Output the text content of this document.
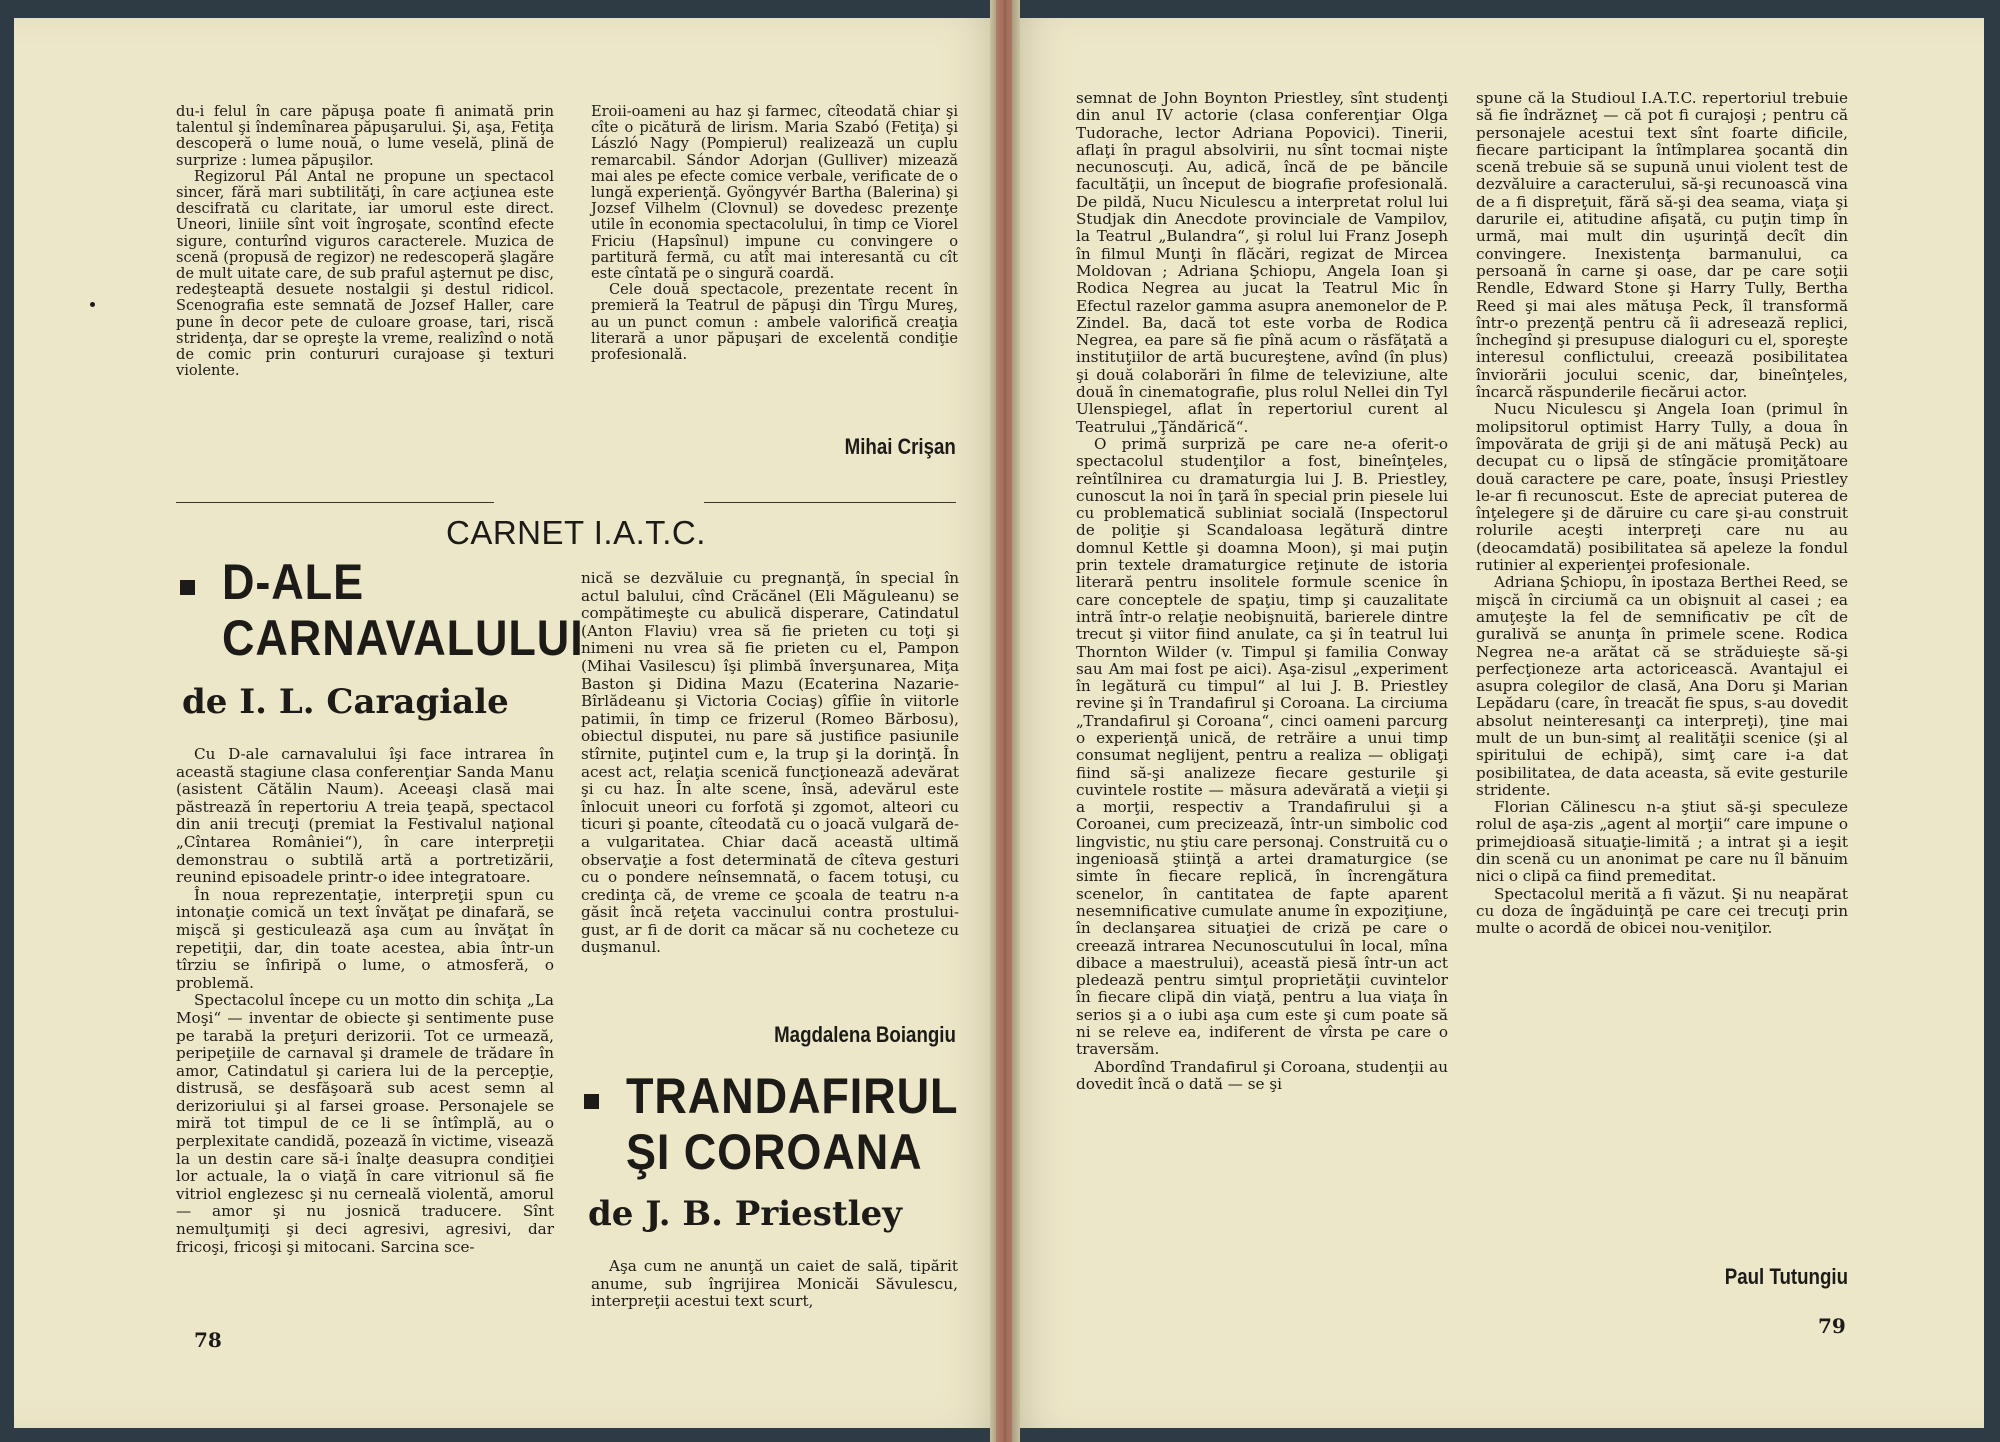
du-i felul în care păpuşa poate fi animată prin talentul şi îndemînarea păpuşarului. Şi, aşa, Fetiţa descoperă o lume nouă, o lume veselă, plină de surprize : lumea păpuşilor.

Regizorul Pál Antal ne propune un spectacol sincer, fără mari subtilităţi, în care acţiunea este descifrată cu claritate, iar umorul este direct. Uneori, liniile sînt voit îngroşate, scontînd efecte sigure, conturînd viguros caracterele. Muzica de scenă (propusă de regizor) ne redescoperă şlagăre de mult uitate care, de sub praful aşternut pe disc, redeşteaptă desuete nostalgii şi destul ridicol. Scenografia este semnată de Jozsef Haller, care pune în decor pete de culoare groase, tari, riscă stridenţa, dar se opreşte la vreme, realizînd o notă de comic prin contururi curajoase şi texturi violente.

Eroii-oameni au haz şi farmec, cîteodată chiar şi cîte o picătură de lirism. Maria Szabó (Fetiţa) şi László Nagy (Pompierul) realizează un cuplu remarcabil. Sándor Adorjan (Gulliver) mizează mai ales pe efecte comice verbale, verificate de o lungă experienţă. Gyöngyvér Bartha (Balerina) şi Jozsef Vilhelm (Clovnul) se dovedesc prezenţe utile în economia spectacolului, în timp ce Viorel Friciu (Hapsînul) impune cu convingere o partitură fermă, cu atît mai interesantă cu cît este cîntată pe o singură coardă.

Cele două spectacole, prezentate recent în premieră la Teatrul de păpuşi din Tîrgu Mureş, au un punct comun : ambele valorifică creaţia literară a unor păpuşari de excelentă condiţie profesională.

Mihai Crişan
CARNET I.A.T.C.
D-ALE
CARNAVALULUI
de I. L. Caragiale

Cu D-ale carnavalului îşi face intrarea în această stagiune clasa conferenţiar Sanda Manu (asistent Cătălin Naum). Aceeaşi clasă mai păstrează în repertoriu A treia ţeapă, spectacol din anii trecuţi (premiat la Festivalul naţional „Cîntarea României“), în care interpreţii demonstrau o subtilă artă a portretizării, reunind episoadele printr-o idee integratoare.

În noua reprezentaţie, interpreţii spun cu intonaţie comică un text învăţat pe dinafară, se mişcă şi gesticulează aşa cum au învăţat în repetiţii, dar, din toate acestea, abia într-un tîrziu se înfiripă o lume, o atmosferă, o problemă.

Spectacolul începe cu un motto din schiţa „La Moşi“ — inventar de obiecte şi sentimente puse pe tarabă la preţuri derizorii. Tot ce urmează, peripeţiile de carnaval şi dramele de trădare în amor, Catindatul şi cariera lui de la percepţie, distrusă, se desfăşoară sub acest semn al derizoriului şi al farsei groase. Personajele se miră tot timpul de ce li se întîmplă, au o perplexitate candidă, pozează în victime, visează la un destin care să-i înalţe deasupra condiţiei lor actuale, la o viaţă în care vitrionul să fie vitriol englezesc şi nu cerneală violentă, amorul — amor şi nu josnică traducere. Sînt nemulţumiţi şi deci agresivi, agresivi, dar fricoşi, fricoşi şi mitocani. Sarcina sce-

nică se dezvăluie cu pregnanţă, în special în actul balului, cînd Crăcănel (Eli Măguleanu) se compătimeşte cu abulică disperare, Catindatul (Anton Flaviu) vrea să fie prieten cu toţi şi nimeni nu vrea să fie prieten cu el, Pampon (Mihai Vasilescu) îşi plimbă înverşunarea, Miţa Baston şi Didina Mazu (Ecaterina Nazarie-Bîrlădeanu şi Victoria Cociaş) gîfîie în viitorle patimii, în timp ce frizerul (Romeo Bărbosu), obiectul disputei, nu pare să justifice pasiunile stîrnite, puţintel cum e, la trup şi la dorinţă. În acest act, relaţia scenică funcţionează adevărat şi cu haz. În alte scene, însă, adevărul este înlocuit uneori cu forfotă şi zgomot, alteori cu ticuri şi poante, cîteodată cu o joacă vulgară de-a vulgaritatea. Chiar dacă această ultimă observaţie a fost determinată de cîteva gesturi cu o pondere neînsemnată, o facem totuşi, cu credinţa că, de vreme ce şcoala de teatru n-a găsit încă reţeta vaccinului contra prostului-gust, ar fi de dorit ca măcar să nu cocheteze cu duşmanul.

Magdalena Boiangiu
TRANDAFIRUL
ŞI COROANA
de J. B. Priestley

Aşa cum ne anunţă un caiet de sală, tipărit anume, sub îngrijirea Monicăi Săvulescu, interpreţii acestui text scurt,

78

semnat de John Boynton Priestley, sînt studenţi din anul IV actorie (clasa conferenţiar Olga Tudorache, lector Adriana Popovici). Tinerii, aflaţi în pragul absolvirii, nu sînt tocmai nişte necunoscuţi. Au, adică, încă de pe băncile facultăţii, un început de biografie profesională. De pildă, Nucu Niculescu a interpretat rolul lui Studjak din Anecdote provinciale de Vampilov, la Teatrul „Bulandra“, şi rolul lui Franz Joseph în filmul Munţi în flăcări, regizat de Mircea Moldovan ; Adriana Şchiopu, Angela Ioan şi Rodica Negrea au jucat la Teatrul Mic în Efectul razelor gamma asupra anemonelor de P. Zindel. Ba, dacă tot este vorba de Rodica Negrea, ea pare să fie pînă acum o răsfăţată a instituţiilor de artă bucureştene, avînd (în plus) şi două colaborări în filme de televiziune, alte două în cinematografie, plus rolul Nellei din Tyl Ulenspiegel, aflat în repertoriul curent al Teatrului „Ţăndărică“.

O primă surpriză pe care ne-a oferit-o spectacolul studenţilor a fost, bineînţeles, reîntîlnirea cu dramaturgia lui J. B. Priestley, cunoscut la noi în ţară în special prin piesele lui cu problematică subliniat socială (Inspectorul de poliţie şi Scandaloasa legătură dintre domnul Kettle şi doamna Moon), şi mai puţin prin textele dramaturgice reţinute de istoria literară pentru insolitele formule scenice în care conceptele de spaţiu, timp şi cauzalitate intră într-o relaţie neobişnuită, barierele dintre trecut şi viitor fiind anulate, ca şi în teatrul lui Thornton Wilder (v. Timpul şi familia Conway sau Am mai fost pe aici). Aşa-zisul „experiment în legătură cu timpul“ al lui J. B. Priestley revine şi în Trandafirul şi Coroana. La circiuma „Trandafirul şi Coroana“, cinci oameni parcurg o experienţă unică, de retrăire a unui timp consumat neglijent, pentru a realiza — obligaţi fiind să-şi analizeze fiecare gesturile şi cuvintele rostite — măsura adevărată a vieţii şi a morţii, respectiv a Trandafirului şi a Coroanei, cum precizează, într-un simbolic cod lingvistic, nu ştiu care personaj. Construită cu o ingenioasă ştiinţă a artei dramaturgice (se simte în fiecare replică, în încrengătura scenelor, în cantitatea de fapte aparent nesemnificative cumulate anume în expoziţiune, în declanşarea situaţiei de criză pe care o creează intrarea Necunoscutului în local, mîna dibace a maestrului), această piesă într-un act pledează pentru simţul proprietăţii cuvintelor în fiecare clipă din viaţă, pentru a lua viaţa în serios şi a o iubi aşa cum este şi cum poate să ni se releve ea, indiferent de vîrsta pe care o traversăm.

Abordînd Trandafirul şi Coroana, studenţii au dovedit încă o dată — se şi

spune că la Studioul I.A.T.C. repertoriul trebuie să fie îndrăzneţ — că pot fi curajoşi ; pentru că personajele acestui text sînt foarte dificile, fiecare participant la întîmplarea şocantă din scenă trebuie să se supună unui violent test de dezvăluire a caracterului, să-şi recunoască vina de a fi dispreţuit, fără să-şi dea seama, viaţa şi darurile ei, atitudine afişată, cu puţin timp în urmă, mai mult din uşurinţă decît din convingere. Inexistenţa barmanului, ca persoană în carne şi oase, dar pe care soţii Rendle, Edward Stone şi Harry Tully, Bertha Reed şi mai ales mătuşa Peck, îl transformă într-o prezenţă pentru că îi adresează replici, închegînd şi presupuse dialoguri cu el, sporeşte interesul conflictului, creează posibilitatea înviorării jocului scenic, dar, bineînţeles, încarcă răspunderile fiecărui actor.

Nucu Niculescu şi Angela Ioan (primul în molipsitorul optimist Harry Tully, a doua în împovărata de griji şi de ani mătuşă Peck) au decupat cu o lipsă de stîngăcie promiţătoare două caractere pe care, poate, însuşi Priestley le-ar fi recunoscut. Este de apreciat puterea de înţelegere şi de dăruire cu care şi-au construit rolurile aceşti interpreţi care nu au (deocamdată) posibilitatea să apeleze la fondul rutinier al experienţei profesionale.

Adriana Şchiopu, în ipostaza Berthei Reed, se mişcă în circiumă ca un obişnuit al casei ; ea amuţeşte la fel de semnificativ pe cît de guralivă se anunţa în primele scene. Rodica Negrea ne-a arătat că se străduieşte să-şi perfecţioneze arta actoricească. Avantajul ei asupra colegilor de clasă, Ana Doru şi Marian Lepădaru (care, în treacăt fie spus, s-au dovedit absolut neinteresanţi ca interpreţi), ţine mai mult de un bun-simţ al realităţii scenice (şi al spiritului de echipă), simţ care i-a dat posibilitatea, de data aceasta, să evite gesturile stridente.

Florian Călinescu n-a ştiut să-şi speculeze rolul de aşa-zis „agent al morţii“ care impune o primejdioasă situaţie-limită ; a intrat şi a ieşit din scenă cu un anonimat pe care nu îl bănuim nici o clipă ca fiind premeditat.

Spectacolul merită a fi văzut. Şi nu neapărat cu doza de îngăduinţă pe care cei trecuţi prin multe o acordă de obicei nou-veniţilor.

Paul Tutungiu
79
